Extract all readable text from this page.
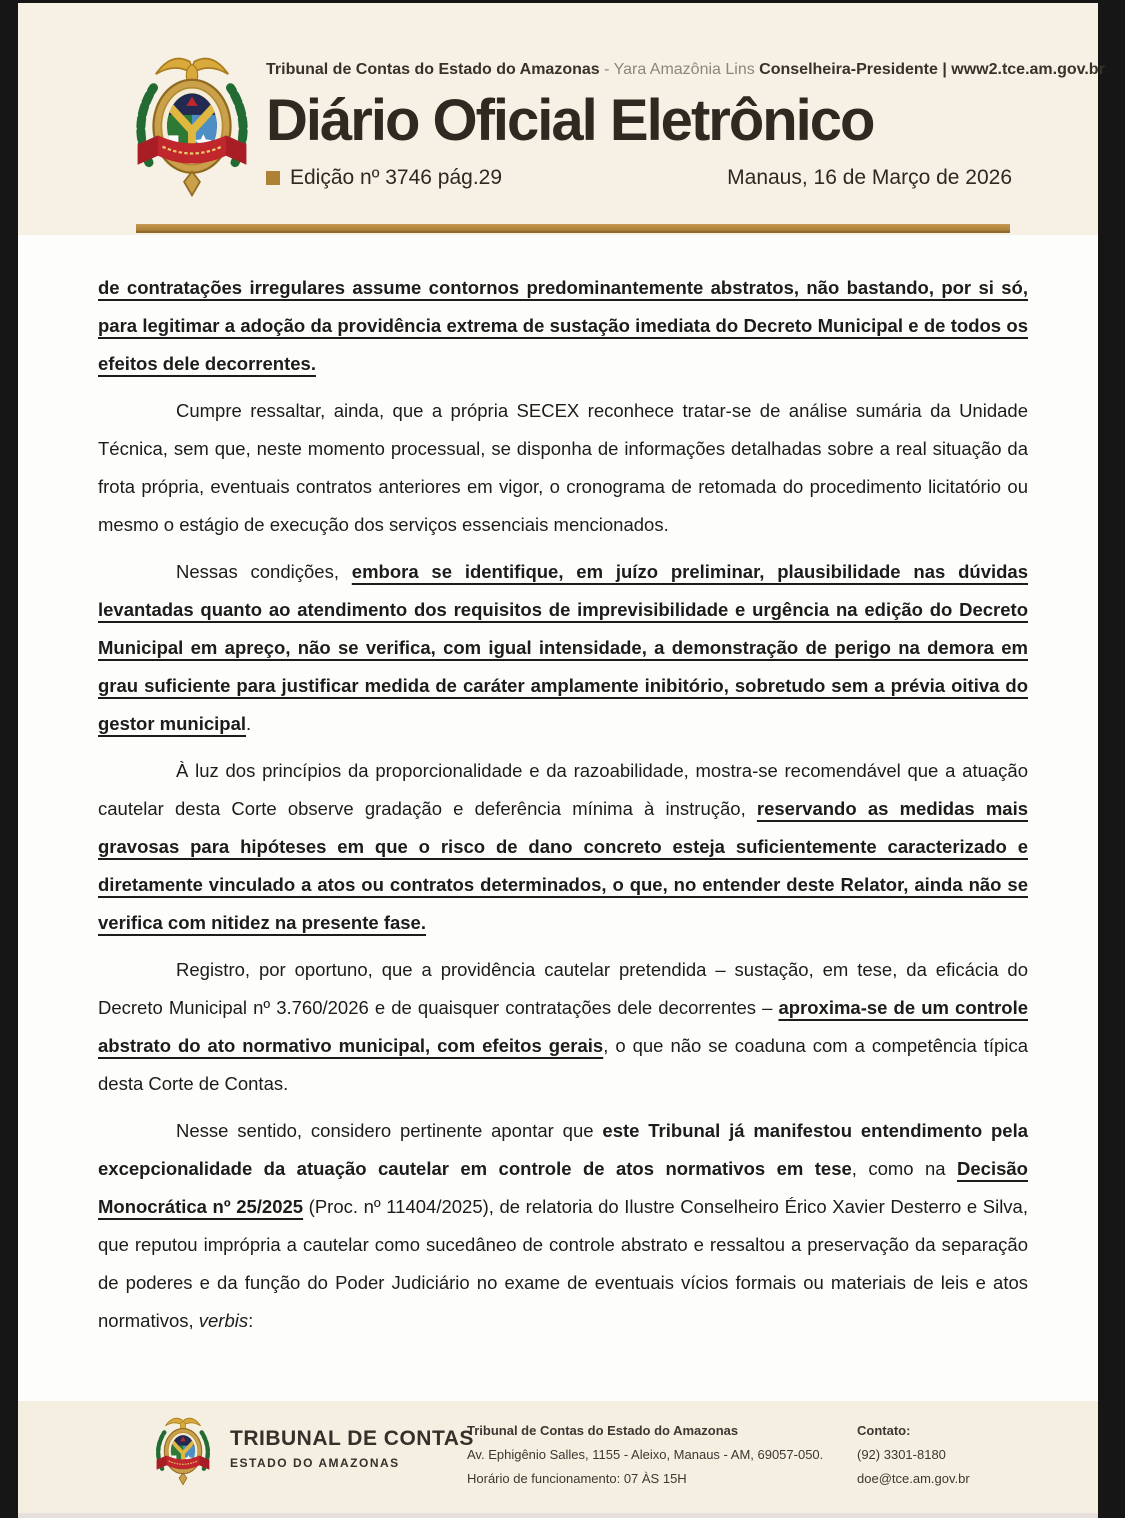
Tribunal de Contas do Estado do Amazonas - Yara Amazônia Lins Conselheira-Presidente | www2.tce.am.gov.br
Diário Oficial Eletrônico
Edição nº 3746 pág.29	Manaus, 16 de Março de 2026

de contratações irregulares assume contornos predominantemente abstratos, não bastando, por si só, para legitimar a adoção da providência extrema de sustação imediata do Decreto Municipal e de todos os efeitos dele decorrentes.

Cumpre ressaltar, ainda, que a própria SECEX reconhece tratar-se de análise sumária da Unidade Técnica, sem que, neste momento processual, se disponha de informações detalhadas sobre a real situação da frota própria, eventuais contratos anteriores em vigor, o cronograma de retomada do procedimento licitatório ou mesmo o estágio de execução dos serviços essenciais mencionados.

Nessas condições, embora se identifique, em juízo preliminar, plausibilidade nas dúvidas levantadas quanto ao atendimento dos requisitos de imprevisibilidade e urgência na edição do Decreto Municipal em apreço, não se verifica, com igual intensidade, a demonstração de perigo na demora em grau suficiente para justificar medida de caráter amplamente inibitório, sobretudo sem a prévia oitiva do gestor municipal.

À luz dos princípios da proporcionalidade e da razoabilidade, mostra-se recomendável que a atuação cautelar desta Corte observe gradação e deferência mínima à instrução, reservando as medidas mais gravosas para hipóteses em que o risco de dano concreto esteja suficientemente caracterizado e diretamente vinculado a atos ou contratos determinados, o que, no entender deste Relator, ainda não se verifica com nitidez na presente fase.

Registro, por oportuno, que a providência cautelar pretendida – sustação, em tese, da eficácia do Decreto Municipal nº 3.760/2026 e de quaisquer contratações dele decorrentes – aproxima-se de um controle abstrato do ato normativo municipal, com efeitos gerais, o que não se coaduna com a competência típica desta Corte de Contas.

Nesse sentido, considero pertinente apontar que este Tribunal já manifestou entendimento pela excepcionalidade da atuação cautelar em controle de atos normativos em tese, como na Decisão Monocrática nº 25/2025 (Proc. nº 11404/2025), de relatoria do Ilustre Conselheiro Érico Xavier Desterro e Silva, que reputou imprópria a cautelar como sucedâneo de controle abstrato e ressaltou a preservação da separação de poderes e da função do Poder Judiciário no exame de eventuais vícios formais ou materiais de leis e atos normativos, verbis:

TRIBUNAL DE CONTAS
ESTADO DO AMAZONAS
Tribunal de Contas do Estado do Amazonas
Av. Ephigênio Salles, 1155 - Aleixo, Manaus - AM, 69057-050.
Horário de funcionamento: 07 ÀS 15H
Contato:
(92) 3301-8180
doe@tce.am.gov.br
